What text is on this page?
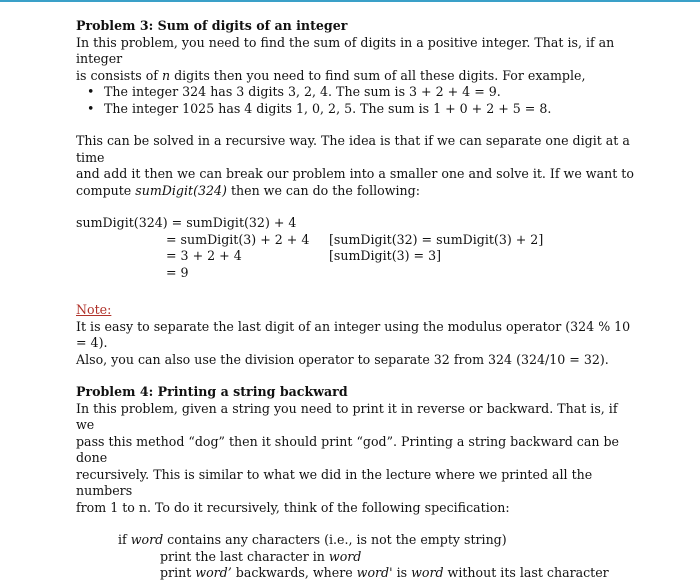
Problem 3: Sum of digits of an integer

In this problem, you need to find the sum of digits in a positive integer. That is, if an integer

is consists of n digits then you need to find sum of all these digits. For example,

• The integer 324 has 3 digits 3, 2, 4. The sum is 3 + 2 + 4 = 9.
• The integer 1025 has 4 digits 1, 0, 2, 5. The sum is 1 + 0 + 2 + 5 = 8.

This can be solved in a recursive way. The idea is that if we can separate one digit at a time

and add it then we can break our problem into a smaller one and solve it. If we want to

compute sumDigit(324) then we can do the following:

sumDigit(324) = sumDigit(32) + 4
= sumDigit(3) + 2 + 4 [sumDigit(32) = sumDigit(3) + 2]
= 3 + 2 + 4	[sumDigit(3) = 3]
= 9

Note:

It is easy to separate the last digit of an integer using the modulus operator (324 % 10 = 4).

Also, you can also use the division operator to separate 32 from 324 (324/10 = 32).

Problem 4: Printing a string backward

In this problem, given a string you need to print it in reverse or backward. That is, if we

pass this method “dog” then it should print “god”. Printing a string backward can be done

recursively. This is similar to what we did in the lecture where we printed all the numbers

from 1 to n. To do it recursively, think of the following specification:

if word contains any characters (i.e., is not the empty string)

print the last character in word

print word’ backwards, where word' is word without its last character
